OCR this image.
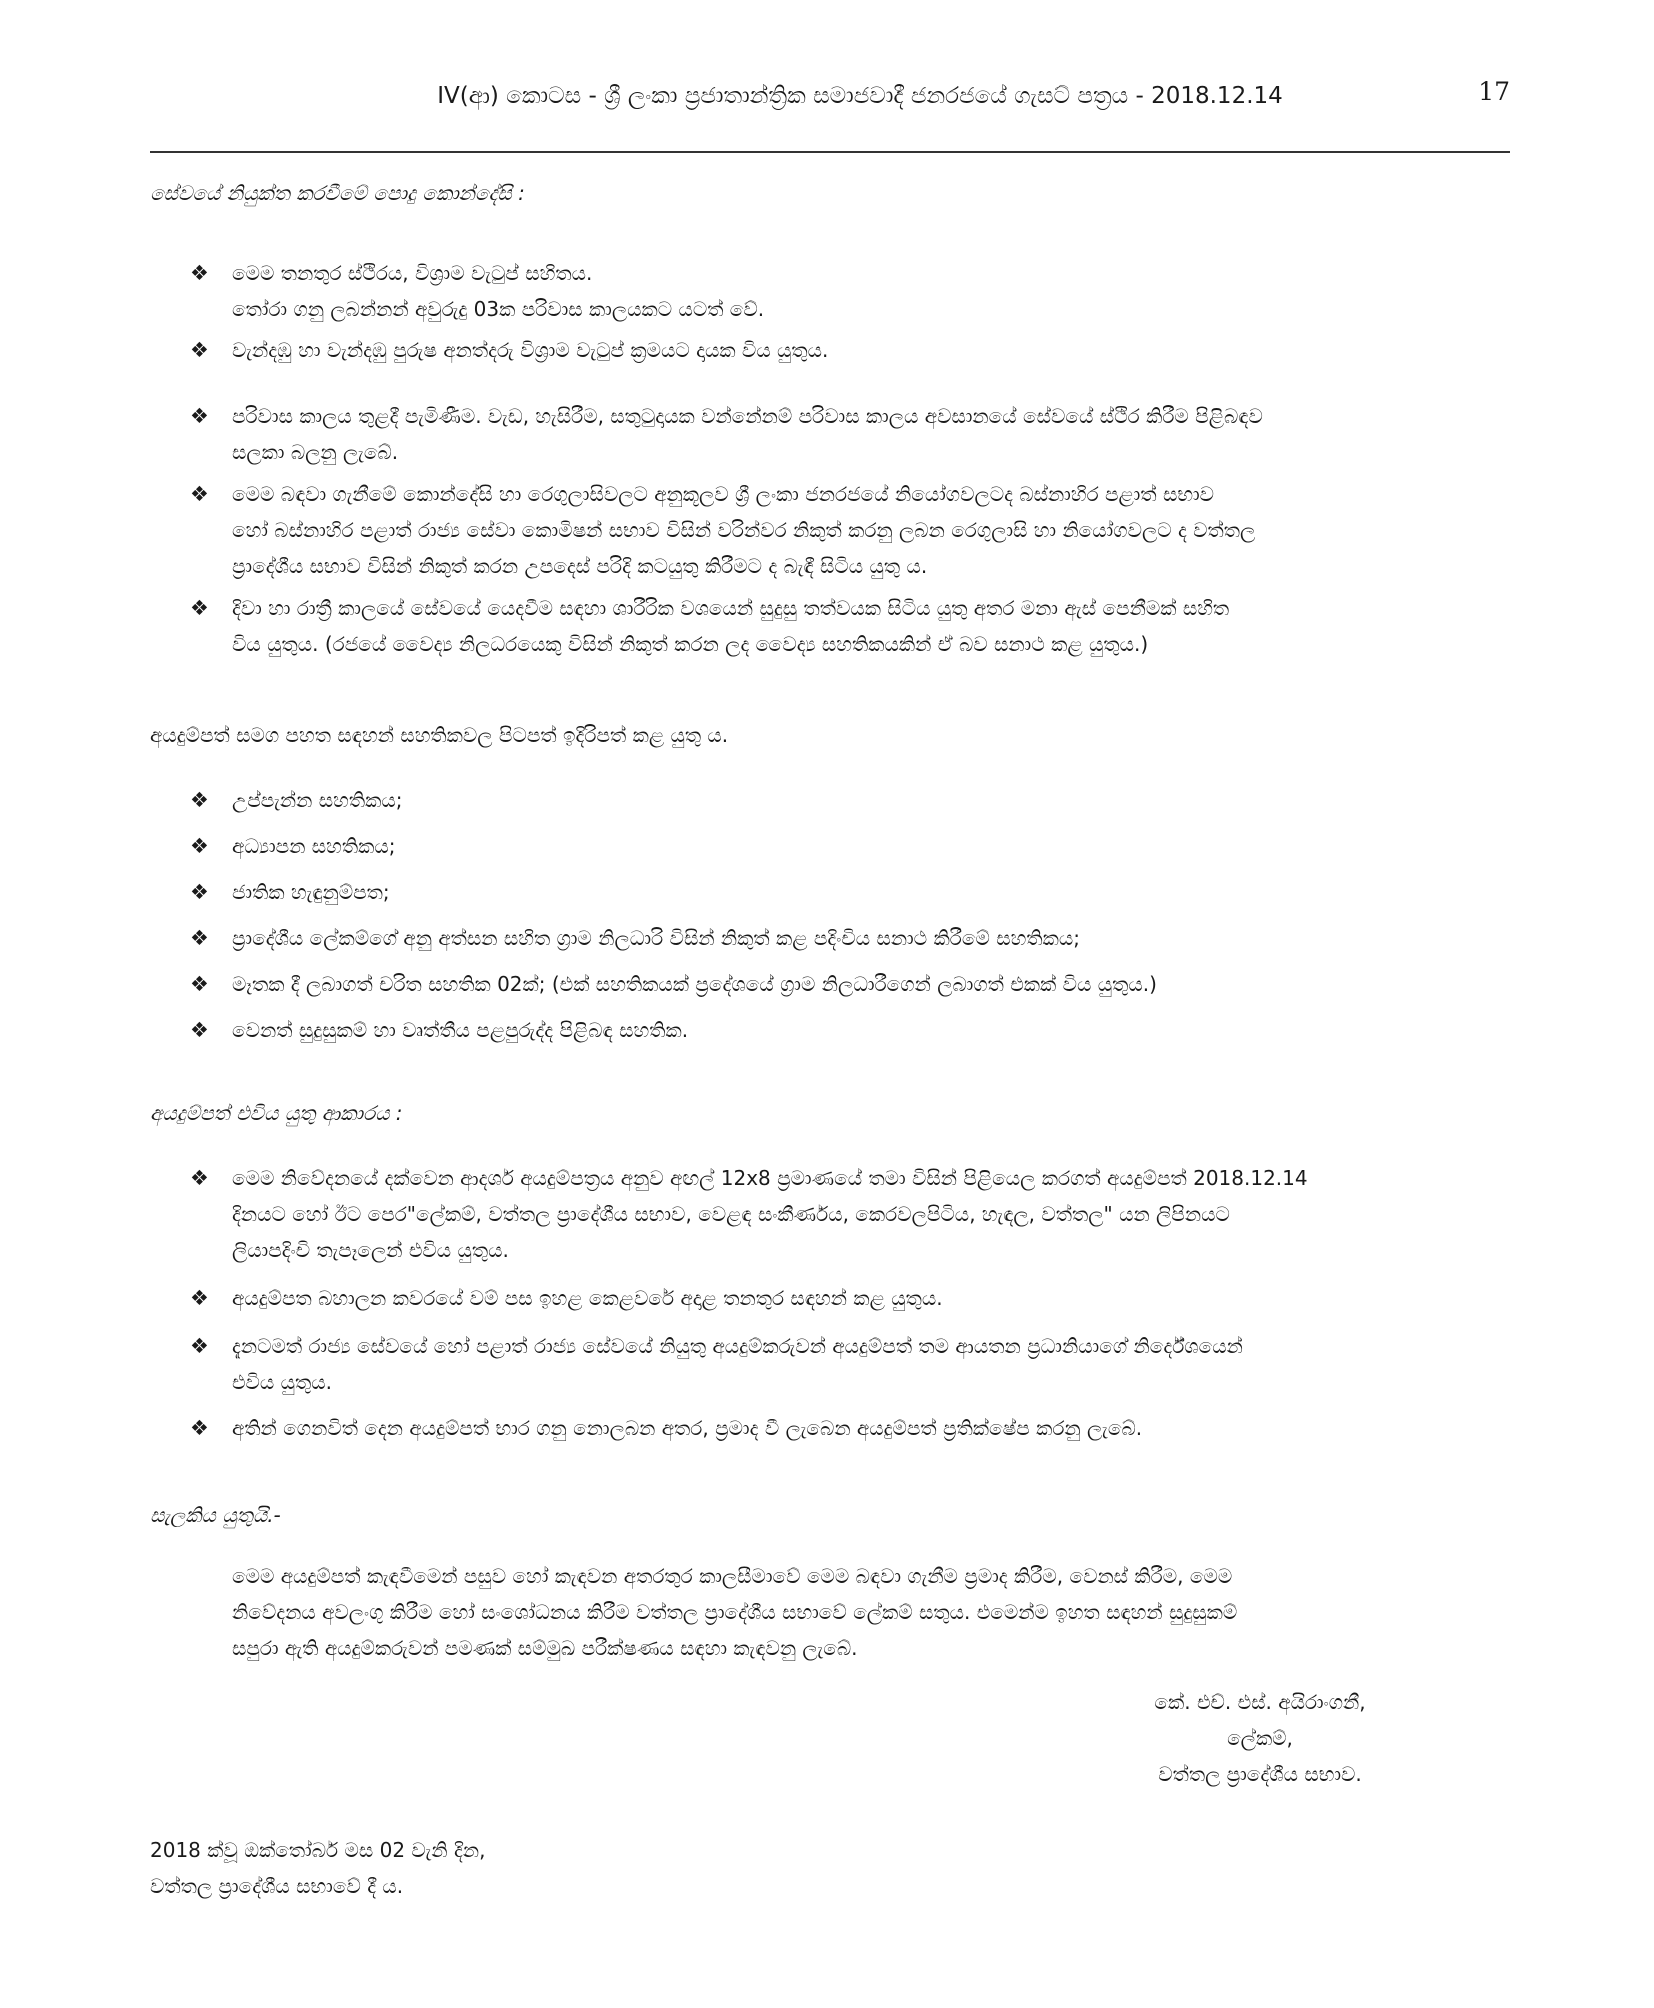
IV(ආ) කොටස - ශ්‍රී ලංකා ප්‍රජාතාන්ත්‍රික සමාජවාදී ජනරජයේ ගැසට් පත්‍රය - 2018.12.14	17
සේවයේ නියුක්ත කරවීමේ පොදු කොන්දේසි :
❖ මෙම තනතුර ස්ථිරය, විශ්‍රාම වැටුප් සහිතය.
තෝරා ගනු ලබන්නන් අවුරුදු 03ක පරිවාස කාලයකට යටත් වේ.
❖ වැන්දඹු හා වැන්දඹු පුරුෂ අනත්දරු විශ්‍රාම වැටුප් ක්‍රමයට දායක විය යුතුය.
❖ පරිවාස කාලය තුළදී පැමිණීම. වැඩ, හැසිරීම, සතුටුදායක වන්නේනම් පරිවාස කාලය අවසානයේ සේවයේ ස්ථිර කිරීම පිළිබඳව
සලකා බලනු ලැබේ.
❖ මෙම බඳවා ගැනීමේ කොන්දේසි හා රෙගුලාසිවලට අනුකූලව ශ්‍රී ලංකා ජනරජයේ නියෝගවලටද බස්නාහිර පළාත් සභාව
හෝ බස්නාහිර පළාත් රාජ්‍ය සේවා කොමිෂන් සභාව විසින් වරින්වර නිකුත් කරනු ලබන රෙගුලාසි හා නියෝගවලට ද වත්තල
ප්‍රාදේශීය සභාව විසින් නිකුත් කරන උපදෙස් පරිදි කටයුතු කිරීමට ද බැඳී සිටිය යුතු ය.
❖ දිවා හා රාත්‍රී කාලයේ සේවයේ යෙදවීම සඳහා ශාරීරික වශයෙන් සුදුසු තත්වයක සිටිය යුතු අතර මනා ඇස් පෙනීමක් සහිත
විය යුතුය. (රජයේ වෛද්‍ය නිලධරයෙකු විසින් නිකුත් කරන ලද වෛද්‍ය සහතිකයකින් ඒ බව සනාථ කළ යුතුය.)
අයදුම්පත් සමග පහත සඳහන් සහතිකවල පිටපත් ඉදිරිපත් කළ යුතු ය.
❖ උප්පැන්න සහතිකය;
❖ අධ්‍යාපන සහතිකය;
❖ ජාතික හැඳුනුම්පත;
❖ ප්‍රාදේශීය ලේකම්ගේ අනු අත්සන සහිත ග්‍රාම නිලධාරි විසින් නිකුත් කළ පදිංචිය සනාථ කිරීමේ සහතිකය;
❖ මෑතක දී ලබාගත් චරිත සහතික 02ක්; (එක් සහතිකයක් ප්‍රදේශයේ ග්‍රාම නිලධාරීගෙන් ලබාගත් එකක් විය යුතුය.)
❖ වෙනත් සුදුසුකම් හා වෘත්තීය පළපුරුද්ද පිළිබඳ සහතික.
අයදුම්පත් එවිය යුතු ආකාරය :
❖ මෙම නිවේදනයේ දක්වෙන ආදර්ශ අයදුම්පත්‍රය අනුව අඟල් 12x8 ප්‍රමාණයේ තමා විසින් පිළියෙල කරගත් අයදුම්පත් 2018.12.14
දිනයට හෝ ඊට පෙර"ලේකම්, වත්තල ප්‍රාදේශීය සභාව, වෙළඳ සංකීර්ණය, කෙරවලපිටිය, හැඳල, වත්තල" යන ලිපිනයට
ලියාපදිංචි තැපෑලෙන් එවිය යුතුය.
❖ අයදුම්පත බහාලන කවරයේ වම් පස ඉහළ කෙළවරේ අදාළ තනතුර සඳහන් කළ යුතුය.
❖ දැනටමත් රාජ්‍ය සේවයේ හෝ පළාත් රාජ්‍ය සේවයේ නියුතු අයදුම්කරුවන් අයදුම්පත් තම ආයතන ප්‍රධානියාගේ නිර්දේශයෙන්
එවිය යුතුය.
❖ අතින් ගෙනවිත් දෙන අයදුම්පත් භාර ගනු නොලබන අතර, ප්‍රමාද වී ලැබෙන අයදුම්පත් ප්‍රතික්ෂේප කරනු ලැබේ.
සැලකිය යුතුයි.-
මෙම අයදුම්පත් කැඳවීමෙන් පසුව හෝ කැඳවන අතරතුර කාලසීමාවේ මෙම බඳවා ගැනීම ප්‍රමාද කිරීම, වෙනස් කිරීම, මෙම
නිවේදනය අවලංගු කිරීම හෝ සංශෝධනය කිරීම වත්තල ප්‍රාදේශීය සභාවේ ලේකම් සතුය. එමෙන්ම ඉහත සඳහන් සුදුසුකම්
සපුරා ඇති අයදුම්කරුවන් පමණක් සම්මුඛ පරීක්ෂණය සඳහා කැඳවනු ලැබේ.
කේ. එච්. එස්. අයිරාංගනී,
ලේකම්,
වත්තල ප්‍රාදේශීය සභාව.
2018 ක්වූ ඔක්තෝබර් මස 02 වැනි දින,
වත්තල ප්‍රාදේශීය සභාවේ දී ය.
